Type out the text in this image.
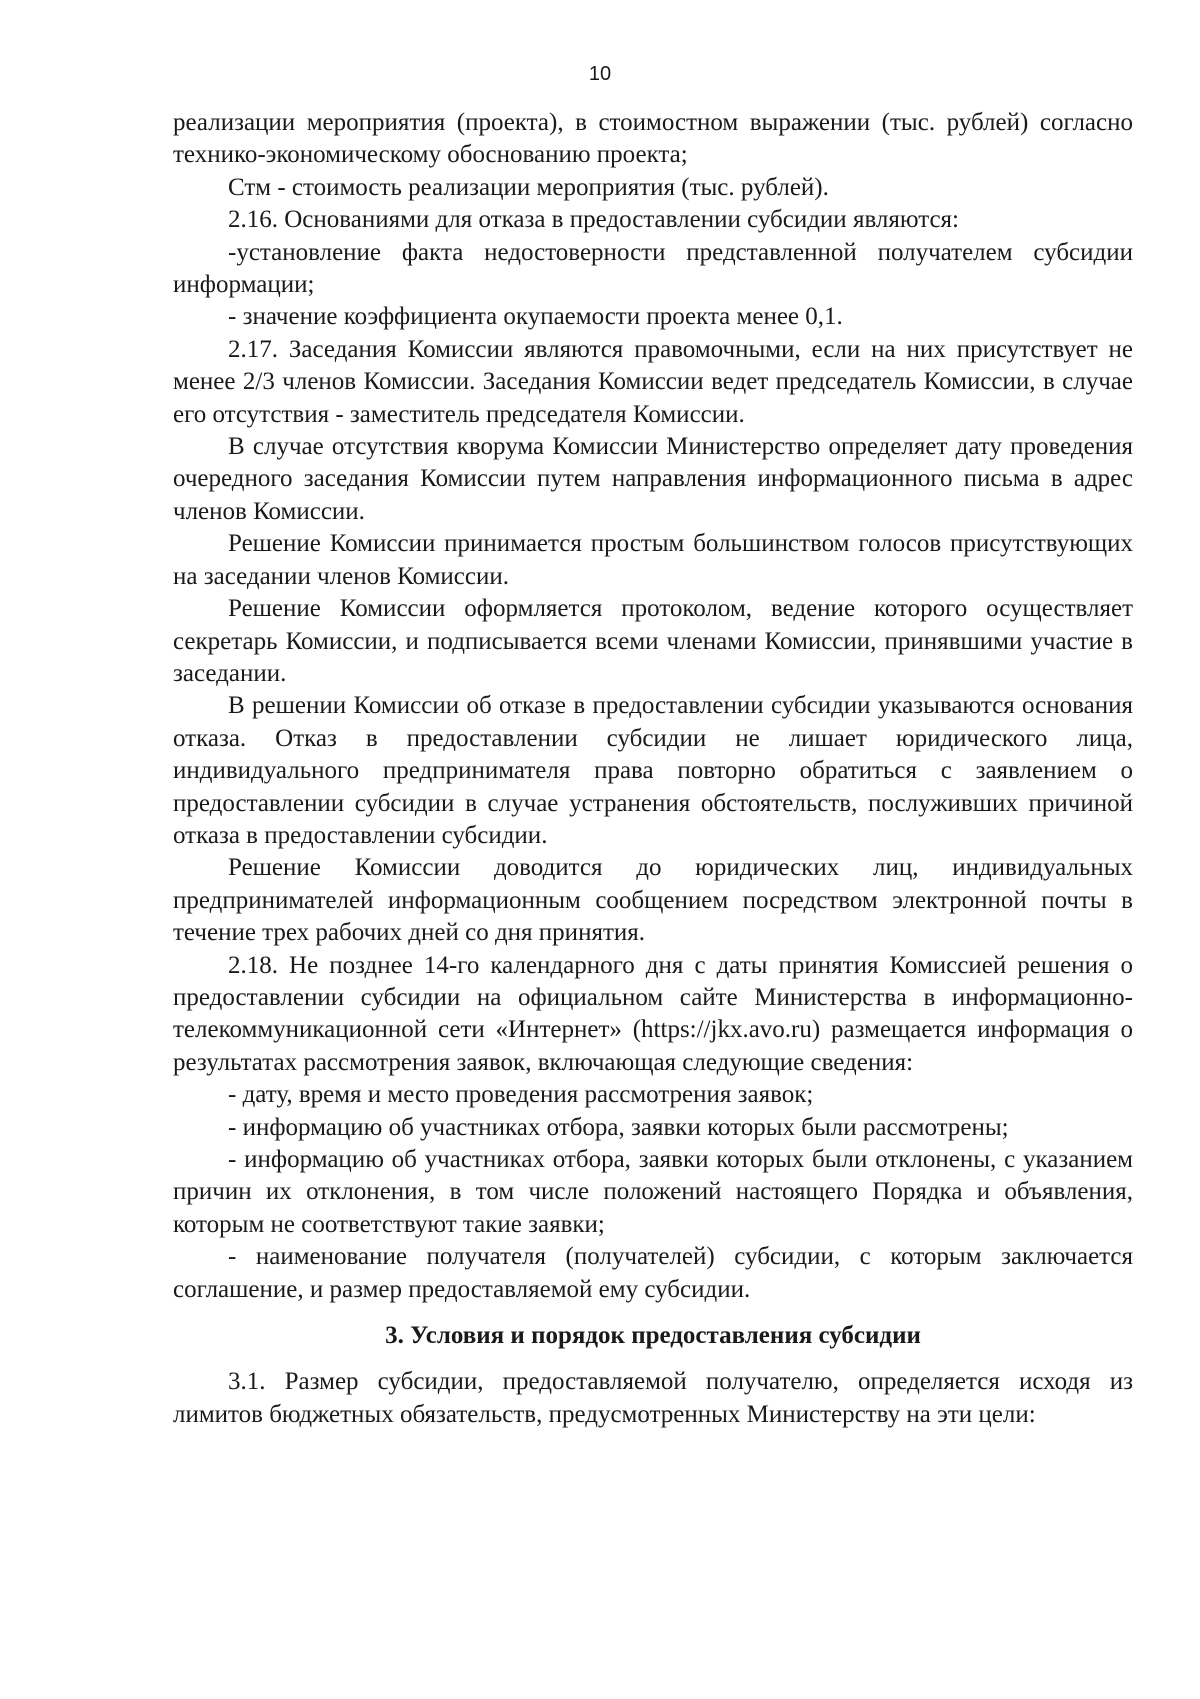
10

реализации мероприятия (проекта), в стоимостном выражении (тыс. рублей) согласно технико-экономическому обоснованию проекта;

Стм - стоимость реализации мероприятия (тыс. рублей).

2.16. Основаниями для отказа в предоставлении субсидии являются:

-установление факта недостоверности представленной получателем субсидии информации;

- значение коэффициента окупаемости проекта менее 0,1.

2.17. Заседания Комиссии являются правомочными, если на них присутствует не менее 2/3 членов Комиссии. Заседания Комиссии ведет председатель Комиссии, в случае его отсутствия - заместитель председателя Комиссии.

В случае отсутствия кворума Комиссии Министерство определяет дату проведения очередного заседания Комиссии путем направления информационного письма в адрес членов Комиссии.

Решение Комиссии принимается простым большинством голосов присутствующих на заседании членов Комиссии.

Решение Комиссии оформляется протоколом, ведение которого осуществляет секретарь Комиссии, и подписывается всеми членами Комиссии, принявшими участие в заседании.

В решении Комиссии об отказе в предоставлении субсидии указываются основания отказа. Отказ в предоставлении субсидии не лишает юридического лица, индивидуального предпринимателя права повторно обратиться с заявлением о предоставлении субсидии в случае устранения обстоятельств, послуживших причиной отказа в предоставлении субсидии.

Решение Комиссии доводится до юридических лиц, индивидуальных предпринимателей информационным сообщением посредством электронной почты в течение трех рабочих дней со дня принятия.

2.18. Не позднее 14-го календарного дня с даты принятия Комиссией решения о предоставлении субсидии на официальном сайте Министерства в информационно-телекоммуникационной сети «Интернет» (https://jkx.avo.ru) размещается информация о результатах рассмотрения заявок, включающая следующие сведения:

- дату, время и место проведения рассмотрения заявок;

- информацию об участниках отбора, заявки которых были рассмотрены;

- информацию об участниках отбора, заявки которых были отклонены, с указанием причин их отклонения, в том числе положений настоящего Порядка и объявления, которым не соответствуют такие заявки;

- наименование получателя (получателей) субсидии, с которым заключается соглашение, и размер предоставляемой ему субсидии.

3. Условия и порядок предоставления субсидии

3.1. Размер субсидии, предоставляемой получателю, определяется исходя из лимитов бюджетных обязательств, предусмотренных Министерству на эти цели:
